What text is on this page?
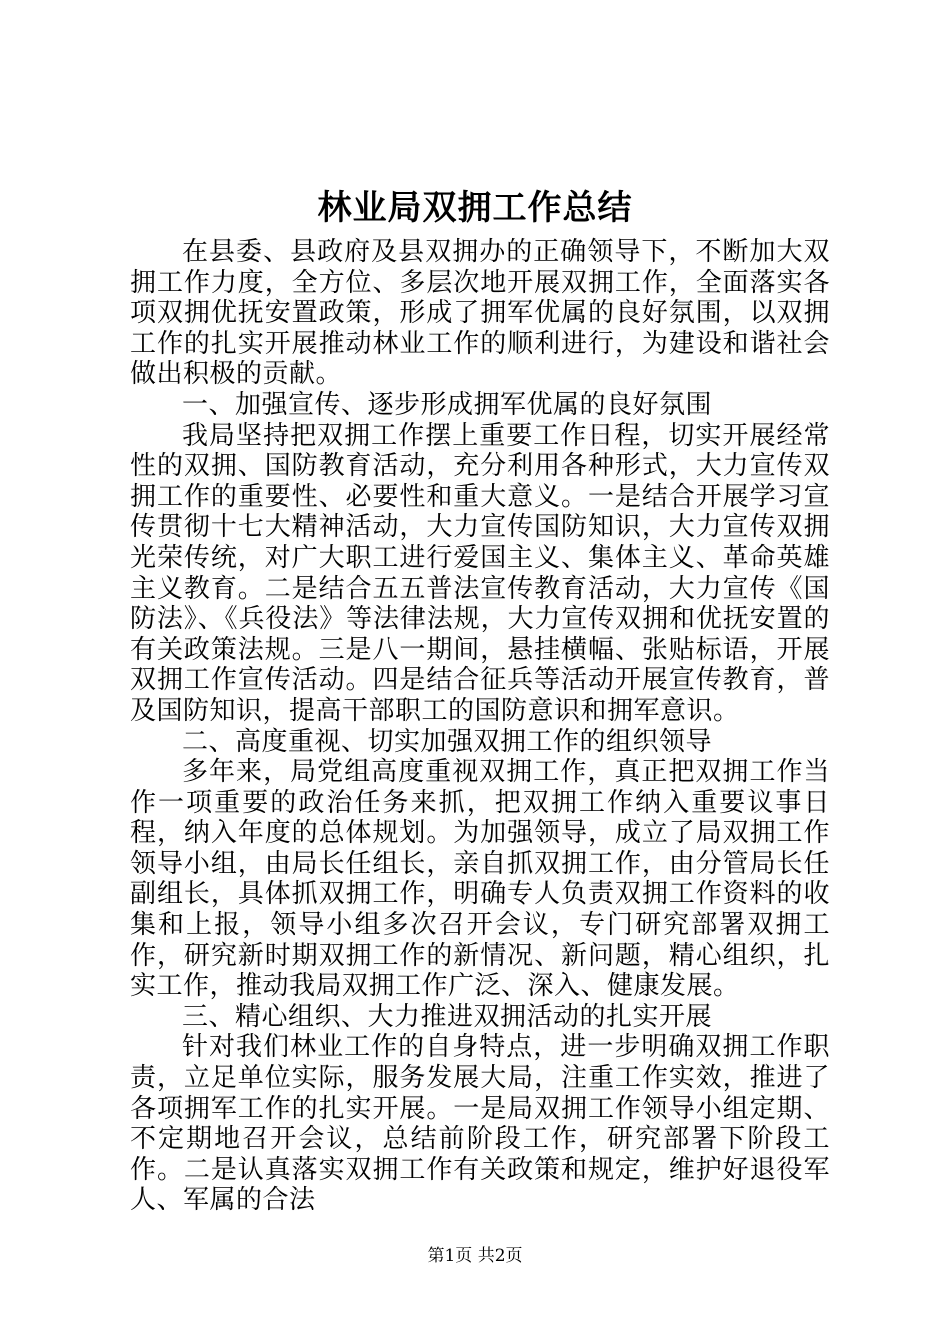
林业局双拥工作总结

在县委、县政府及县双拥办的正确领导下，不断加大双拥工作力度，全方位、多层次地开展双拥工作，全面落实各项双拥优抚安置政策，形成了拥军优属的良好氛围，以双拥工作的扎实开展推动林业工作的顺利进行，为建设和谐社会做出积极的贡献。

一、加强宣传、逐步形成拥军优属的良好氛围

我局坚持把双拥工作摆上重要工作日程，切实开展经常性的双拥、国防教育活动，充分利用各种形式，大力宣传双拥工作的重要性、必要性和重大意义。一是结合开展学习宣传贯彻十七大精神活动，大力宣传国防知识，大力宣传双拥光荣传统，对广大职工进行爱国主义、集体主义、革命英雄主义教育。二是结合五五普法宣传教育活动，大力宣传《国防法》、《兵役法》等法律法规，大力宣传双拥和优抚安置的有关政策法规。三是八一期间，悬挂横幅、张贴标语，开展双拥工作宣传活动。四是结合征兵等活动开展宣传教育，普及国防知识，提高干部职工的国防意识和拥军意识。

二、高度重视、切实加强双拥工作的组织领导

多年来，局党组高度重视双拥工作，真正把双拥工作当作一项重要的政治任务来抓，把双拥工作纳入重要议事日程，纳入年度的总体规划。为加强领导，成立了局双拥工作领导小组，由局长任组长，亲自抓双拥工作，由分管局长任副组长，具体抓双拥工作，明确专人负责双拥工作资料的收集和上报，领导小组多次召开会议，专门研究部署双拥工作，研究新时期双拥工作的新情况、新问题，精心组织，扎实工作，推动我局双拥工作广泛、深入、健康发展。

三、精心组织、大力推进双拥活动的扎实开展

针对我们林业工作的自身特点，进一步明确双拥工作职责，立足单位实际，服务发展大局，注重工作实效，推进了各项拥军工作的扎实开展。一是局双拥工作领导小组定期、不定期地召开会议，总结前阶段工作，研究部署下阶段工作。二是认真落实双拥工作有关政策和规定，维护好退役军人、军属的合法

第1页 共2页
